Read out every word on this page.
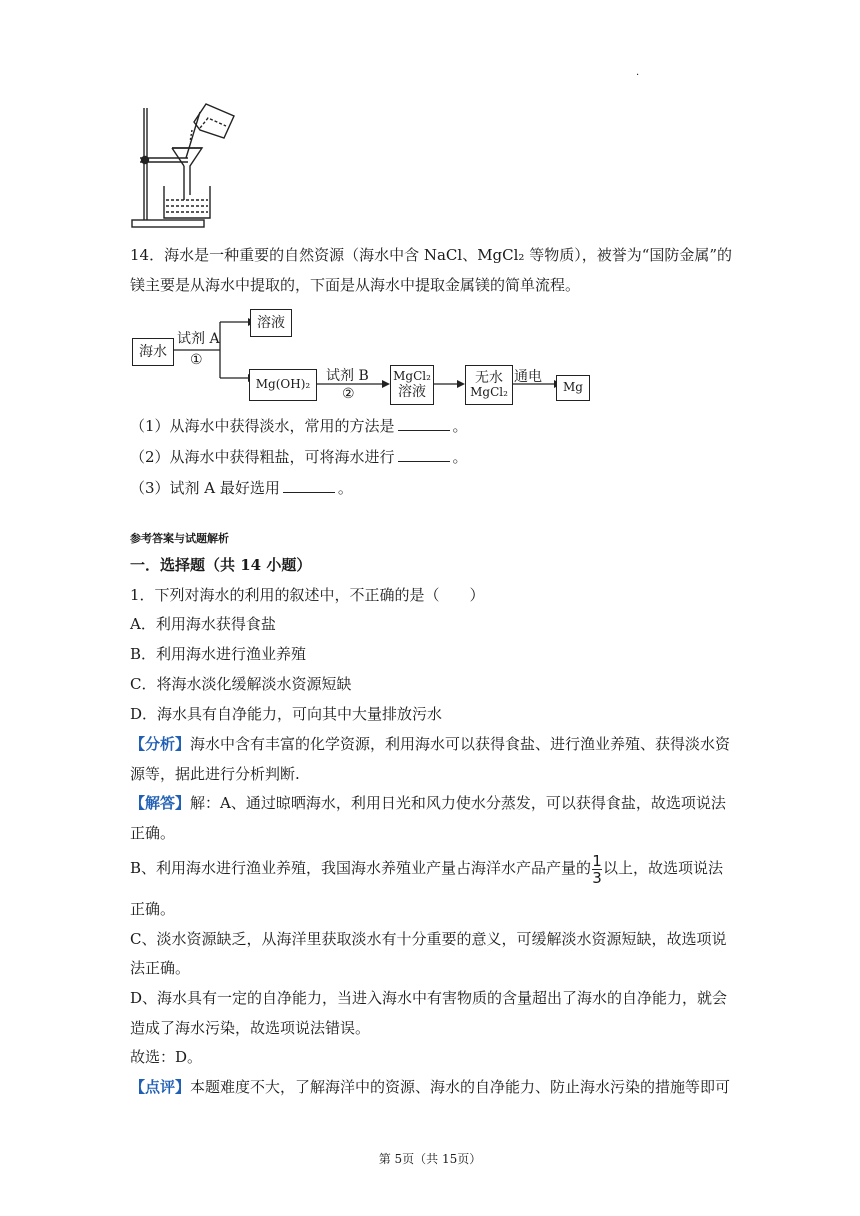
·
14．海水是一种重要的自然资源（海水中含 NaCl、MgCl₂ 等物质），被誉为“国防金属”的
镁主要是从海水中提取的，下面是从海水中提取金属镁的简单流程。
海水
试剂 A
①
溶液
Mg(OH)₂
试剂 B
②
MgCl₂
溶液
无水
MgCl₂
通电
Mg
（1）从海水中获得淡水，常用的方法是	。
（2）从海水中获得粗盐，可将海水进行	。
（3）试剂 A 最好选用	。
参考答案与试题解析
一．选择题（共 14 小题）
1．下列对海水的利用的叙述中，不正确的是（　　）
A．利用海水获得食盐
B．利用海水进行渔业养殖
C．将海水淡化缓解淡水资源短缺
D．海水具有自净能力，可向其中大量排放污水
【分析】海水中含有丰富的化学资源，利用海水可以获得食盐、进行渔业养殖、获得淡水资
源等，据此进行分析判断.
【解答】解：A、通过晾晒海水，利用日光和风力使水分蒸发，可以获得食盐，故选项说法
正确。
B、利用海水进行渔业养殖，我国海水养殖业产量占海洋水产品产量的 $\frac{1}{3}$ 以上，故选项说法
正确。
C、淡水资源缺乏，从海洋里获取淡水有十分重要的意义，可缓解淡水资源短缺，故选项说
法正确。
D、海水具有一定的自净能力，当进入海水中有害物质的含量超出了海水的自净能力，就会
造成了海水污染，故选项说法错误。
故选：D。
【点评】本题难度不大，了解海洋中的资源、海水的自净能力、防止海水污染的措施等即可
第 5页（共 15页）
